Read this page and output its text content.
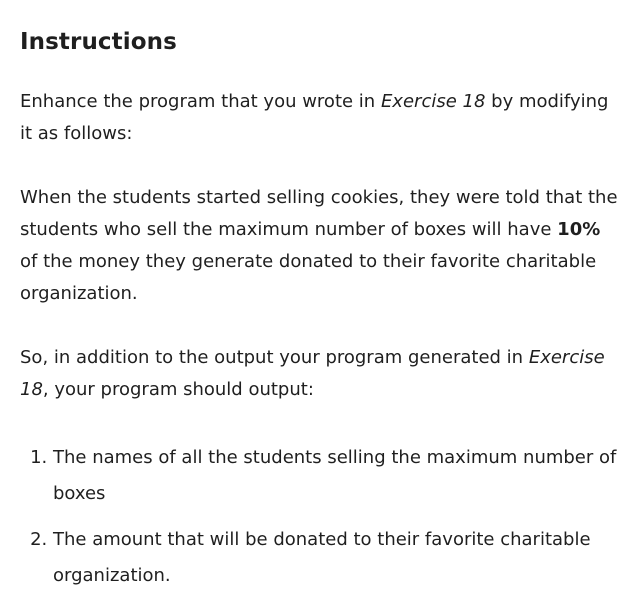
Instructions

Enhance the program that you wrote in Exercise 18 by modifying it as follows:

When the students started selling cookies, they were told that the students who sell the maximum number of boxes will have 10% of the money they generate donated to their favorite charitable organization.

So, in addition to the output your program generated in Exercise 18, your program should output:

1. The names of all the students selling the maximum number of boxes
2. The amount that will be donated to their favorite charitable organization.
